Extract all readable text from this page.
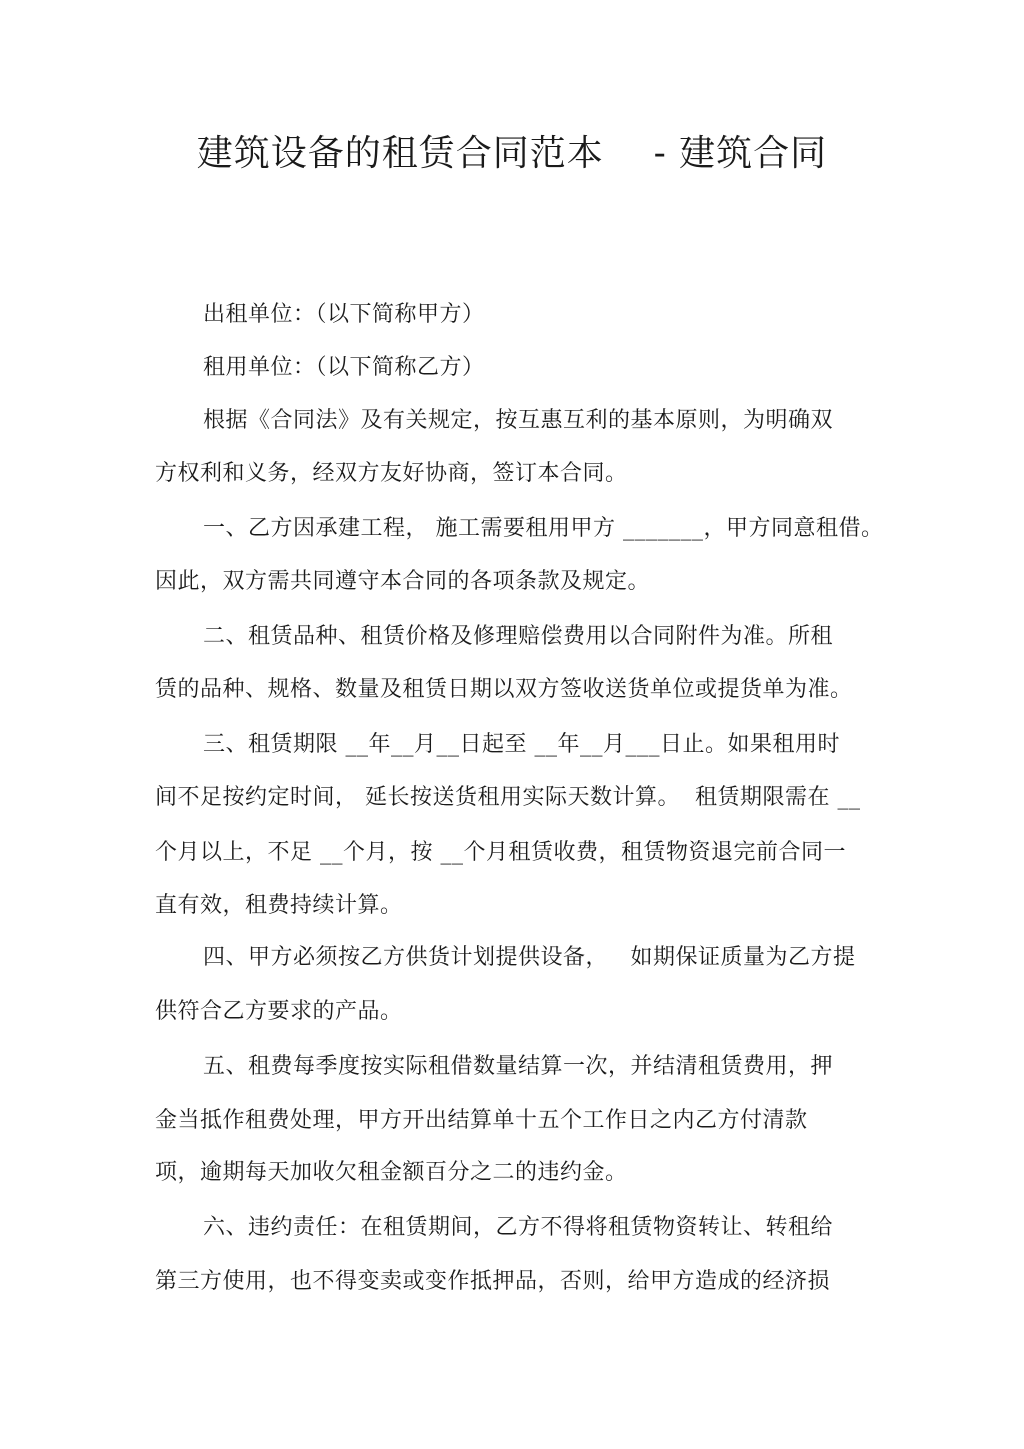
建筑设备的租赁合同范本    - 建筑合同
出租单位：（以下简称甲方）
租用单位：（以下简称乙方）
根据《合同法》及有关规定，按互惠互利的基本原则，为明确双
方权利和义务，经双方友好协商，签订本合同。
一、乙方因承建工程， 施工需要租用甲方 _______，甲方同意租借。
因此，双方需共同遵守本合同的各项条款及规定。
二、租赁品种、租赁价格及修理赔偿费用以合同附件为准。所租
赁的品种、规格、数量及租赁日期以双方签收送货单位或提货单为准。
三、租赁期限 __年__月__日起至 __年__月___日止。如果租用时
间不足按约定时间， 延长按送货租用实际天数计算。  租赁期限需在 __
个月以上，不足 __个月，按 __个月租赁收费，租赁物资退完前合同一
直有效，租费持续计算。
四、甲方必须按乙方供货计划提供设备，   如期保证质量为乙方提
供符合乙方要求的产品。
五、租费每季度按实际租借数量结算一次，并结清租赁费用，押
金当抵作租费处理，甲方开出结算单十五个工作日之内乙方付清款
项，逾期每天加收欠租金额百分之二的违约金。
六、违约责任：在租赁期间，乙方不得将租赁物资转让、转租给
第三方使用，也不得变卖或变作抵押品，否则，给甲方造成的经济损
